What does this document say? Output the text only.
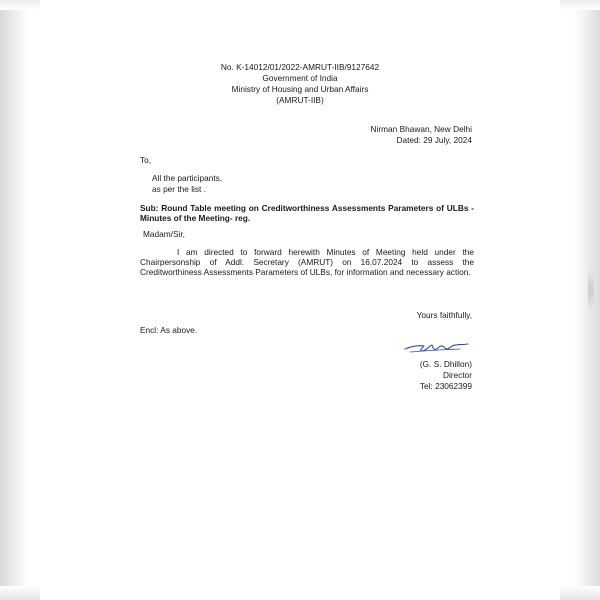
No. K-14012/01/2022-AMRUT-IIB/9127642
Government of India
Ministry of Housing and Urban Affairs
(AMRUT-IIB)
Nirman Bhawan, New Delhi
Dated: 29 July, 2024
To,
All the participants,
as per the list .
Sub: Round Table meeting on Creditworthiness Assessments Parameters of ULBs - Minutes of the Meeting- reg.
Madam/Sir,
I am directed to forward herewith Minutes of Meeting held under the Chairpersonship of Addl. Secretary (AMRUT) on 16.07.2024 to assess the Creditworthiness Assessments Parameters of ULBs, for information and necessary action.
Yours faithfully,
Encl: As above.
(G. S. Dhillon)
Director
Tel: 23062399
